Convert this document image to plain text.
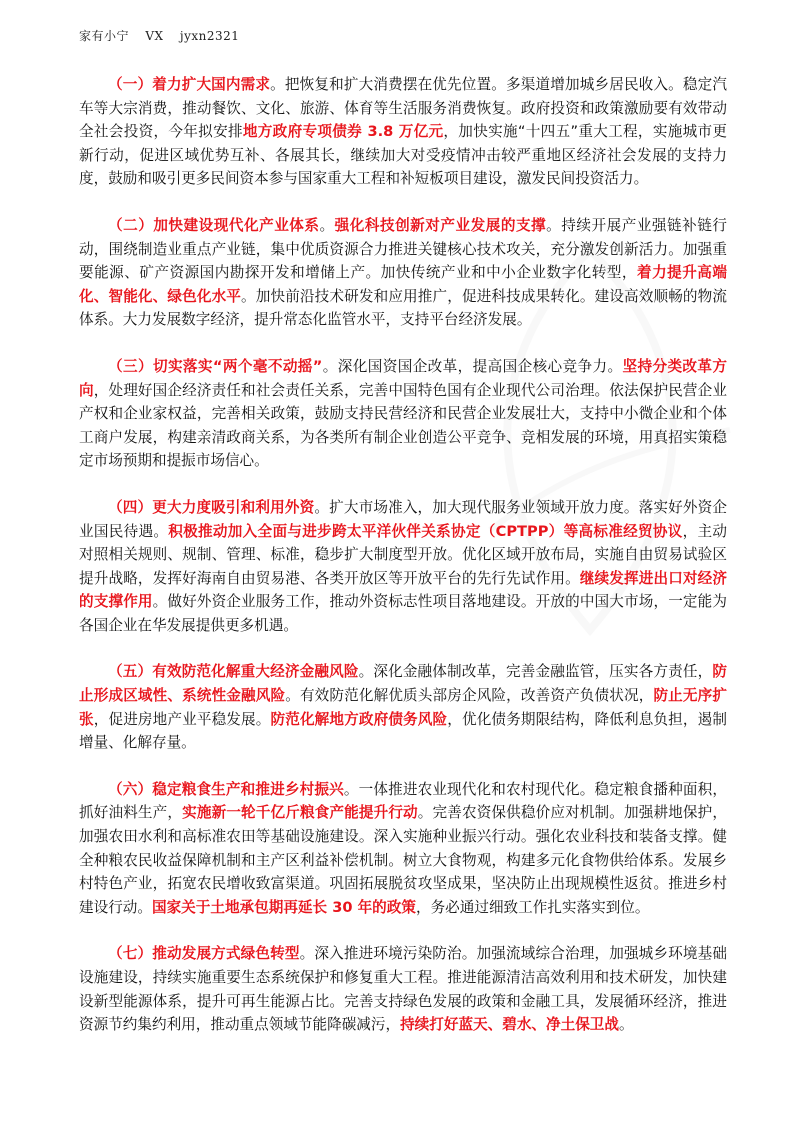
家有小宁 VX jyxn2321

（一）着力扩大国内需求。把恢复和扩大消费摆在优先位置。多渠道增加城乡居民收入。稳定汽车等大宗消费，推动餐饮、文化、旅游、体育等生活服务消费恢复。政府投资和政策激励要有效带动全社会投资，今年拟安排地方政府专项债券 3.8 万亿元，加快实施“十四五”重大工程，实施城市更新行动，促进区域优势互补、各展其长，继续加大对受疫情冲击较严重地区经济社会发展的支持力度，鼓励和吸引更多民间资本参与国家重大工程和补短板项目建设，激发民间投资活力。

（二）加快建设现代化产业体系。强化科技创新对产业发展的支撑。持续开展产业强链补链行动，围绕制造业重点产业链，集中优质资源合力推进关键核心技术攻关，充分激发创新活力。加强重要能源、矿产资源国内勘探开发和增储上产。加快传统产业和中小企业数字化转型，着力提升高端化、智能化、绿色化水平。加快前沿技术研发和应用推广，促进科技成果转化。建设高效顺畅的物流体系。大力发展数字经济，提升常态化监管水平，支持平台经济发展。

（三）切实落实“两个毫不动摇”。深化国资国企改革，提高国企核心竞争力。坚持分类改革方向，处理好国企经济责任和社会责任关系，完善中国特色国有企业现代公司治理。依法保护民营企业产权和企业家权益，完善相关政策，鼓励支持民营经济和民营企业发展壮大，支持中小微企业和个体工商户发展，构建亲清政商关系，为各类所有制企业创造公平竞争、竞相发展的环境，用真招实策稳定市场预期和提振市场信心。

（四）更大力度吸引和利用外资。扩大市场准入，加大现代服务业领域开放力度。落实好外资企业国民待遇。积极推动加入全面与进步跨太平洋伙伴关系协定（CPTPP）等高标准经贸协议，主动对照相关规则、规制、管理、标准，稳步扩大制度型开放。优化区域开放布局，实施自由贸易试验区提升战略，发挥好海南自由贸易港、各类开放区等开放平台的先行先试作用。继续发挥进出口对经济的支撑作用。做好外资企业服务工作，推动外资标志性项目落地建设。开放的中国大市场，一定能为各国企业在华发展提供更多机遇。

（五）有效防范化解重大经济金融风险。深化金融体制改革，完善金融监管，压实各方责任，防止形成区域性、系统性金融风险。有效防范化解优质头部房企风险，改善资产负债状况，防止无序扩张，促进房地产业平稳发展。防范化解地方政府债务风险，优化债务期限结构，降低利息负担，遏制增量、化解存量。

（六）稳定粮食生产和推进乡村振兴。一体推进农业现代化和农村现代化。稳定粮食播种面积，抓好油料生产，实施新一轮千亿斤粮食产能提升行动。完善农资保供稳价应对机制。加强耕地保护，加强农田水利和高标准农田等基础设施建设。深入实施种业振兴行动。强化农业科技和装备支撑。健全种粮农民收益保障机制和主产区利益补偿机制。树立大食物观，构建多元化食物供给体系。发展乡村特色产业，拓宽农民增收致富渠道。巩固拓展脱贫攻坚成果，坚决防止出现规模性返贫。推进乡村建设行动。国家关于土地承包期再延长 30 年的政策，务必通过细致工作扎实落实到位。

（七）推动发展方式绿色转型。深入推进环境污染防治。加强流域综合治理，加强城乡环境基础设施建设，持续实施重要生态系统保护和修复重大工程。推进能源清洁高效利用和技术研发，加快建设新型能源体系，提升可再生能源占比。完善支持绿色发展的政策和金融工具，发展循环经济，推进资源节约集约利用，推动重点领域节能降碳减污，持续打好蓝天、碧水、净土保卫战。
